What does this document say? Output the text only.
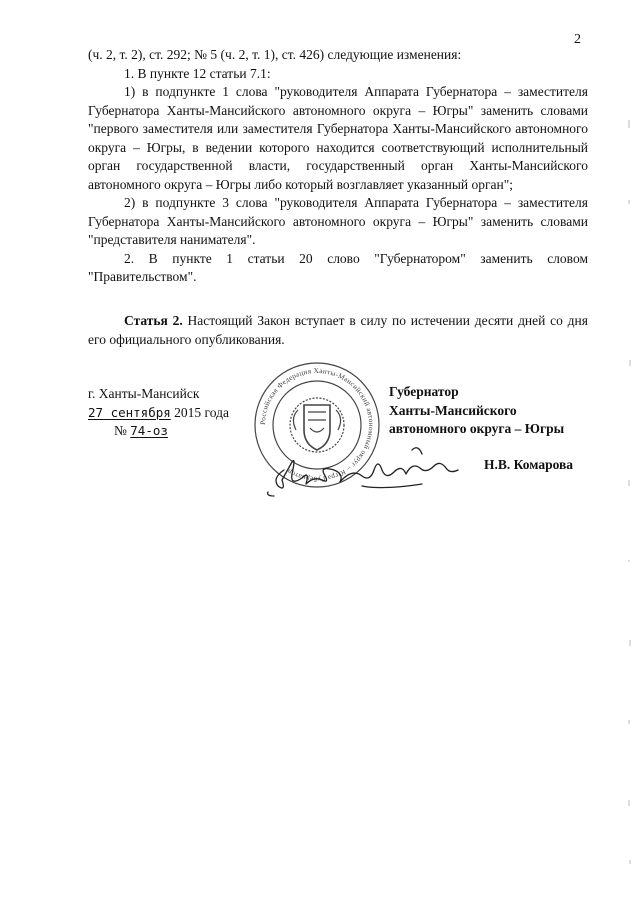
2

(ч. 2, т. 2), ст. 292; № 5 (ч. 2, т. 1), ст. 426) следующие изменения:

1. В пункте 12 статьи 7.1:

1) в подпункте 1 слова "руководителя Аппарата Губернатора – заместителя Губернатора Ханты-Мансийского автономного округа – Югры" заменить словами "первого заместителя или заместителя Губернатора Ханты-Мансийского автономного округа – Югры, в ведении которого находится соответствующий исполнительный орган государственной власти, государственный орган Ханты-Мансийского автономного округа – Югры либо который возглавляет указанный орган";

2) в подпункте 3 слова "руководителя Аппарата Губернатора – заместителя Губернатора Ханты-Мансийского автономного округа – Югры" заменить словами "представителя нанимателя".

2. В пункте 1 статьи 20 слово "Губернатором" заменить словом "Правительством".

Статья 2. Настоящий Закон вступает в силу по истечении десяти дней со дня его официального опубликования.

г. Ханты-Мансийск
27 сентября 2015 года
№ 74-оз
Российская Федерация Ханты-Мансийский автономный округ – Югра Губернатор
Губернатор
Ханты-Мансийского
автономного округа – Югры
Н.В. Комарова
